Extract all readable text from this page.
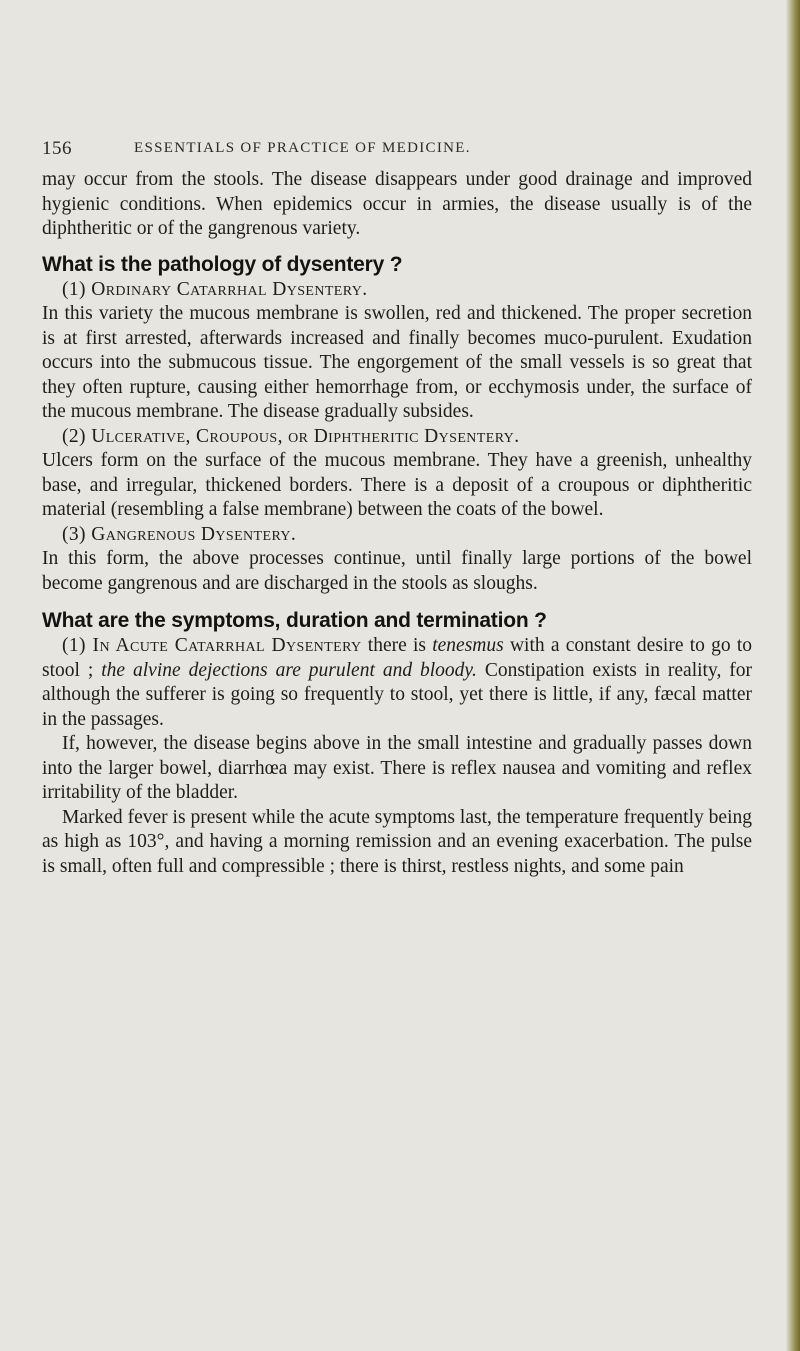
156	ESSENTIALS OF PRACTICE OF MEDICINE.

may occur from the stools. The disease disappears under good drainage and improved hygienic conditions. When epidemics occur in armies, the disease usually is of the diphtheritic or of the gangrenous variety.

What is the pathology of dysentery ?

(1) Ordinary Catarrhal Dysentery.

In this variety the mucous membrane is swollen, red and thickened. The proper secretion is at first arrested, afterwards increased and finally becomes muco-purulent. Exudation occurs into the submucous tissue. The engorgement of the small vessels is so great that they often rupture, causing either hemorrhage from, or ecchymosis under, the surface of the mucous membrane. The disease gradually subsides.

(2) Ulcerative, Croupous, or Diphtheritic Dysentery.

Ulcers form on the surface of the mucous membrane. They have a greenish, unhealthy base, and irregular, thickened borders. There is a deposit of a croupous or diphtheritic material (resembling a false membrane) between the coats of the bowel.

(3) Gangrenous Dysentery.

In this form, the above processes continue, until finally large portions of the bowel become gangrenous and are discharged in the stools as sloughs.

What are the symptoms, duration and termination ?

(1) In Acute Catarrhal Dysentery there is tenesmus with a constant desire to go to stool ; the alvine dejections are purulent and bloody. Constipation exists in reality, for although the sufferer is going so frequently to stool, yet there is little, if any, fæcal matter in the passages.

If, however, the disease begins above in the small intestine and gradually passes down into the larger bowel, diarrhœa may exist. There is reflex nausea and vomiting and reflex irritability of the bladder.

Marked fever is present while the acute symptoms last, the temperature frequently being as high as 103°, and having a morning remission and an evening exacerbation. The pulse is small, often full and compressible ; there is thirst, restless nights, and some pain
